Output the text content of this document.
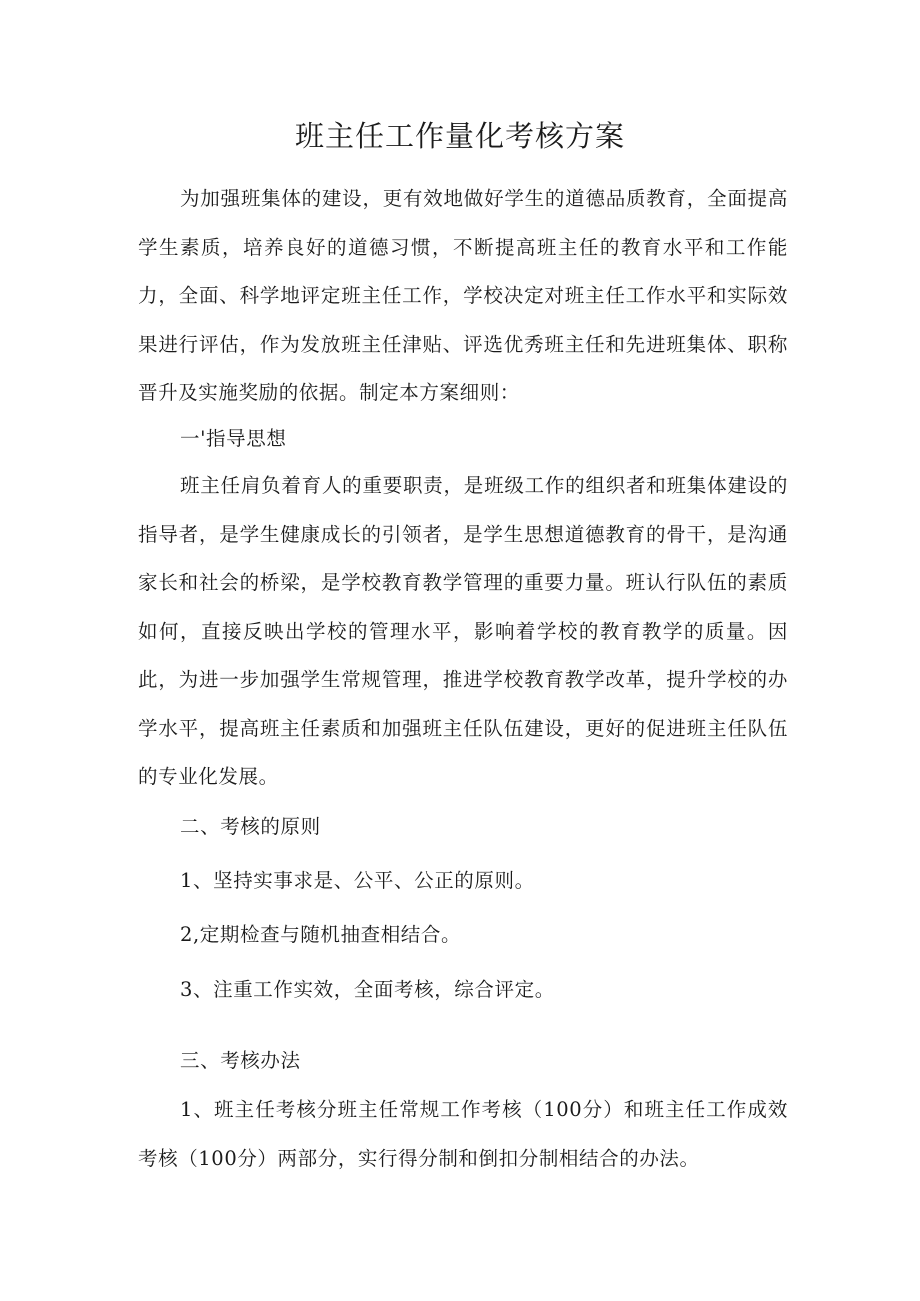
班主任工作量化考核方案

为加强班集体的建设，更有效地做好学生的道德品质教育，全面提高学生素质，培养良好的道德习惯，不断提高班主任的教育水平和工作能力，全面、科学地评定班主任工作，学校决定对班主任工作水平和实际效果进行评估，作为发放班主任津贴、评选优秀班主任和先进班集体、职称晋升及实施奖励的依据。制定本方案细则：

一'指导思想

班主任肩负着育人的重要职责，是班级工作的组织者和班集体建设的指导者，是学生健康成长的引领者，是学生思想道德教育的骨干，是沟通家长和社会的桥梁，是学校教育教学管理的重要力量。班认行队伍的素质如何，直接反映出学校的管理水平，影响着学校的教育教学的质量。因此，为进一步加强学生常规管理，推进学校教育教学改革，提升学校的办学水平，提高班主任素质和加强班主任队伍建设，更好的促进班主任队伍的专业化发展。

二、考核的原则

1、坚持实事求是、公平、公正的原则。

2,定期检查与随机抽查相结合。

3、注重工作实效，全面考核，综合评定。

三、考核办法

1、班主任考核分班主任常规工作考核（100分）和班主任工作成效考核（100分）两部分，实行得分制和倒扣分制相结合的办法。
